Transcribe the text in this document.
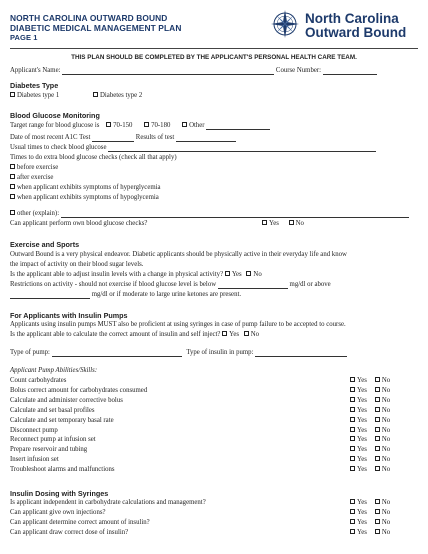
NORTH CAROLINA OUTWARD BOUND
DIABETIC MEDICAL MANAGEMENT PLAN
PAGE 1
North Carolina
Outward Bound
THIS PLAN SHOULD BE COMPLETED BY THE APPLICANT'S PERSONAL HEALTH CARE TEAM.
Applicant's Name:	Course Number:
Diabetes Type
Diabetes type 1	Diabetes type 2
Blood Glucose Monitoring
Target range for blood glucose is 70-150	70-180	Other
Date of most recent A1C Test	Results of test
Usual times to check blood glucose
Times to do extra blood glucose checks (check all that apply)
before exercise
after exercise
when applicant exhibits symptoms of hyperglycemia
when applicant exhibits symptoms of hypoglycemia
other (explain):
Can applicant perform own blood glucose checks?	Yes No
Exercise and Sports
Outward Bound is a very physical endeavor. Diabetic applicants should be physically active in their everyday life and know
the impact of activity on their blood sugar levels.
Is the applicant able to adjust insulin levels with a change in physical activity? Yes No
Restrictions on activity - should not exercise if blood glucose level is below	mg/dl or above
mg/dl or if moderate to large urine ketones are present.
For Applicants with Insulin Pumps
Applicants using insulin pumps MUST also be proficient at using syringes in case of pump failure to be accepted to course.
Is the applicant able to calculate the correct amount of insulin and self inject? Yes No
Type of pump:	Type of insulin in pump:
Applicant Pump Abilities/Skills:
Count carbohydrates	Yes No
Bolus correct amount for carbohydrates consumed	Yes No
Calculate and administer corrective bolus	Yes No
Calculate and set basal profiles	Yes No
Calculate and set temporary basal rate	Yes No
Disconnect pump	Yes No
Reconnect pump at infusion set	Yes No
Prepare reservoir and tubing	Yes No
Insert infusion set	Yes No
Troubleshoot alarms and malfunctions	Yes No
Insulin Dosing with Syringes
Is applicant independent in carbohydrate calculations and management?	Yes No
Can applicant give own injections?	Yes No
Can applicant determine correct amount of insulin?	Yes No
Can applicant draw correct dose of insulin?	Yes No
